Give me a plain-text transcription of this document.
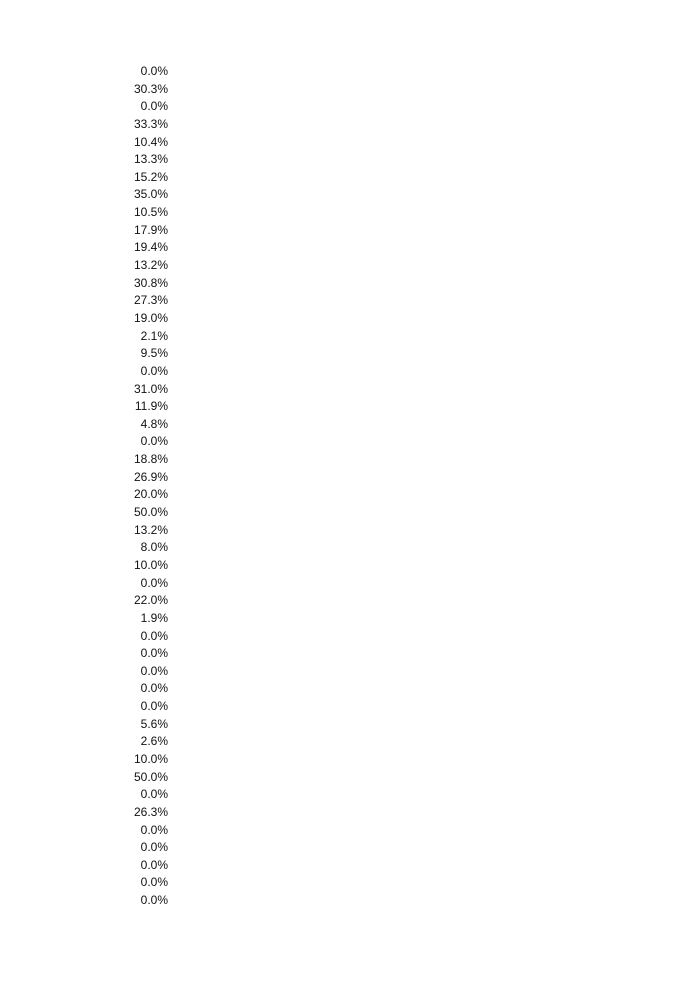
0.0%
30.3%
0.0%
33.3%
10.4%
13.3%
15.2%
35.0%
10.5%
17.9%
19.4%
13.2%
30.8%
27.3%
19.0%
2.1%
9.5%
0.0%
31.0%
11.9%
4.8%
0.0%
18.8%
26.9%
20.0%
50.0%
13.2%
8.0%
10.0%
0.0%
22.0%
1.9%
0.0%
0.0%
0.0%
0.0%
0.0%
5.6%
2.6%
10.0%
50.0%
0.0%
26.3%
0.0%
0.0%
0.0%
0.0%
0.0%
